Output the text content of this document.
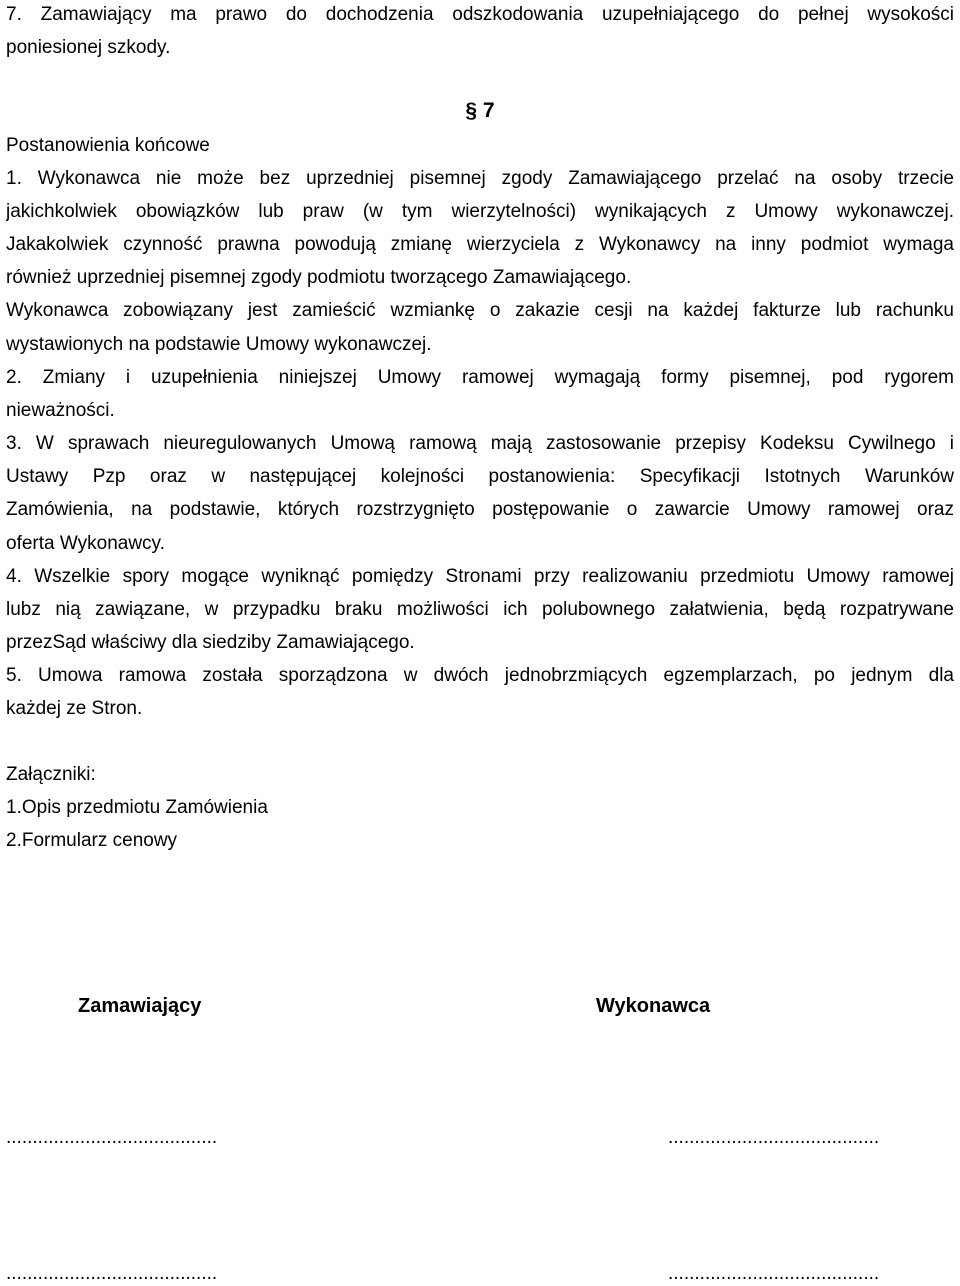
7. Zamawiający ma prawo do dochodzenia odszkodowania uzupełniającego do pełnej wysokości
poniesionej szkody.
Postanowienia końcowe
1. Wykonawca nie może bez uprzedniej pisemnej zgody Zamawiającego przelać na osoby trzecie
jakichkolwiek obowiązków lub praw (w tym wierzytelności) wynikających z Umowy wykonawczej.
Jakakolwiek czynność prawna powodują zmianę wierzyciela z Wykonawcy na inny podmiot wymaga
również uprzedniej pisemnej zgody podmiotu tworzącego Zamawiającego.
Wykonawca zobowiązany jest zamieścić wzmiankę o zakazie cesji na każdej fakturze lub rachunku
wystawionych na podstawie Umowy wykonawczej.
2. Zmiany i uzupełnienia niniejszej Umowy ramowej wymagają formy pisemnej, pod rygorem
nieważności.
3. W sprawach nieuregulowanych Umową ramową mają zastosowanie przepisy Kodeksu Cywilnego i
Ustawy Pzp oraz w następującej kolejności postanowienia: Specyfikacji Istotnych Warunków
Zamówienia, na podstawie, których rozstrzygnięto postępowanie o zawarcie Umowy ramowej oraz
oferta Wykonawcy.
4. Wszelkie spory mogące wyniknąć pomiędzy Stronami przy realizowaniu przedmiotu Umowy ramowej
lubz nią zawiązane, w przypadku braku możliwości ich polubownego załatwienia, będą rozpatrywane
przezSąd właściwy dla siedziby Zamawiającego.
5. Umowa ramowa została sporządzona w dwóch jednobrzmiących egzemplarzach, po jednym dla
każdej ze Stron.
Załączniki:
1.Opis przedmiotu Zamówienia
2.Formularz cenowy
Zamawiający	Wykonawca
........................................	........................................
........................................	........................................
§ 7
